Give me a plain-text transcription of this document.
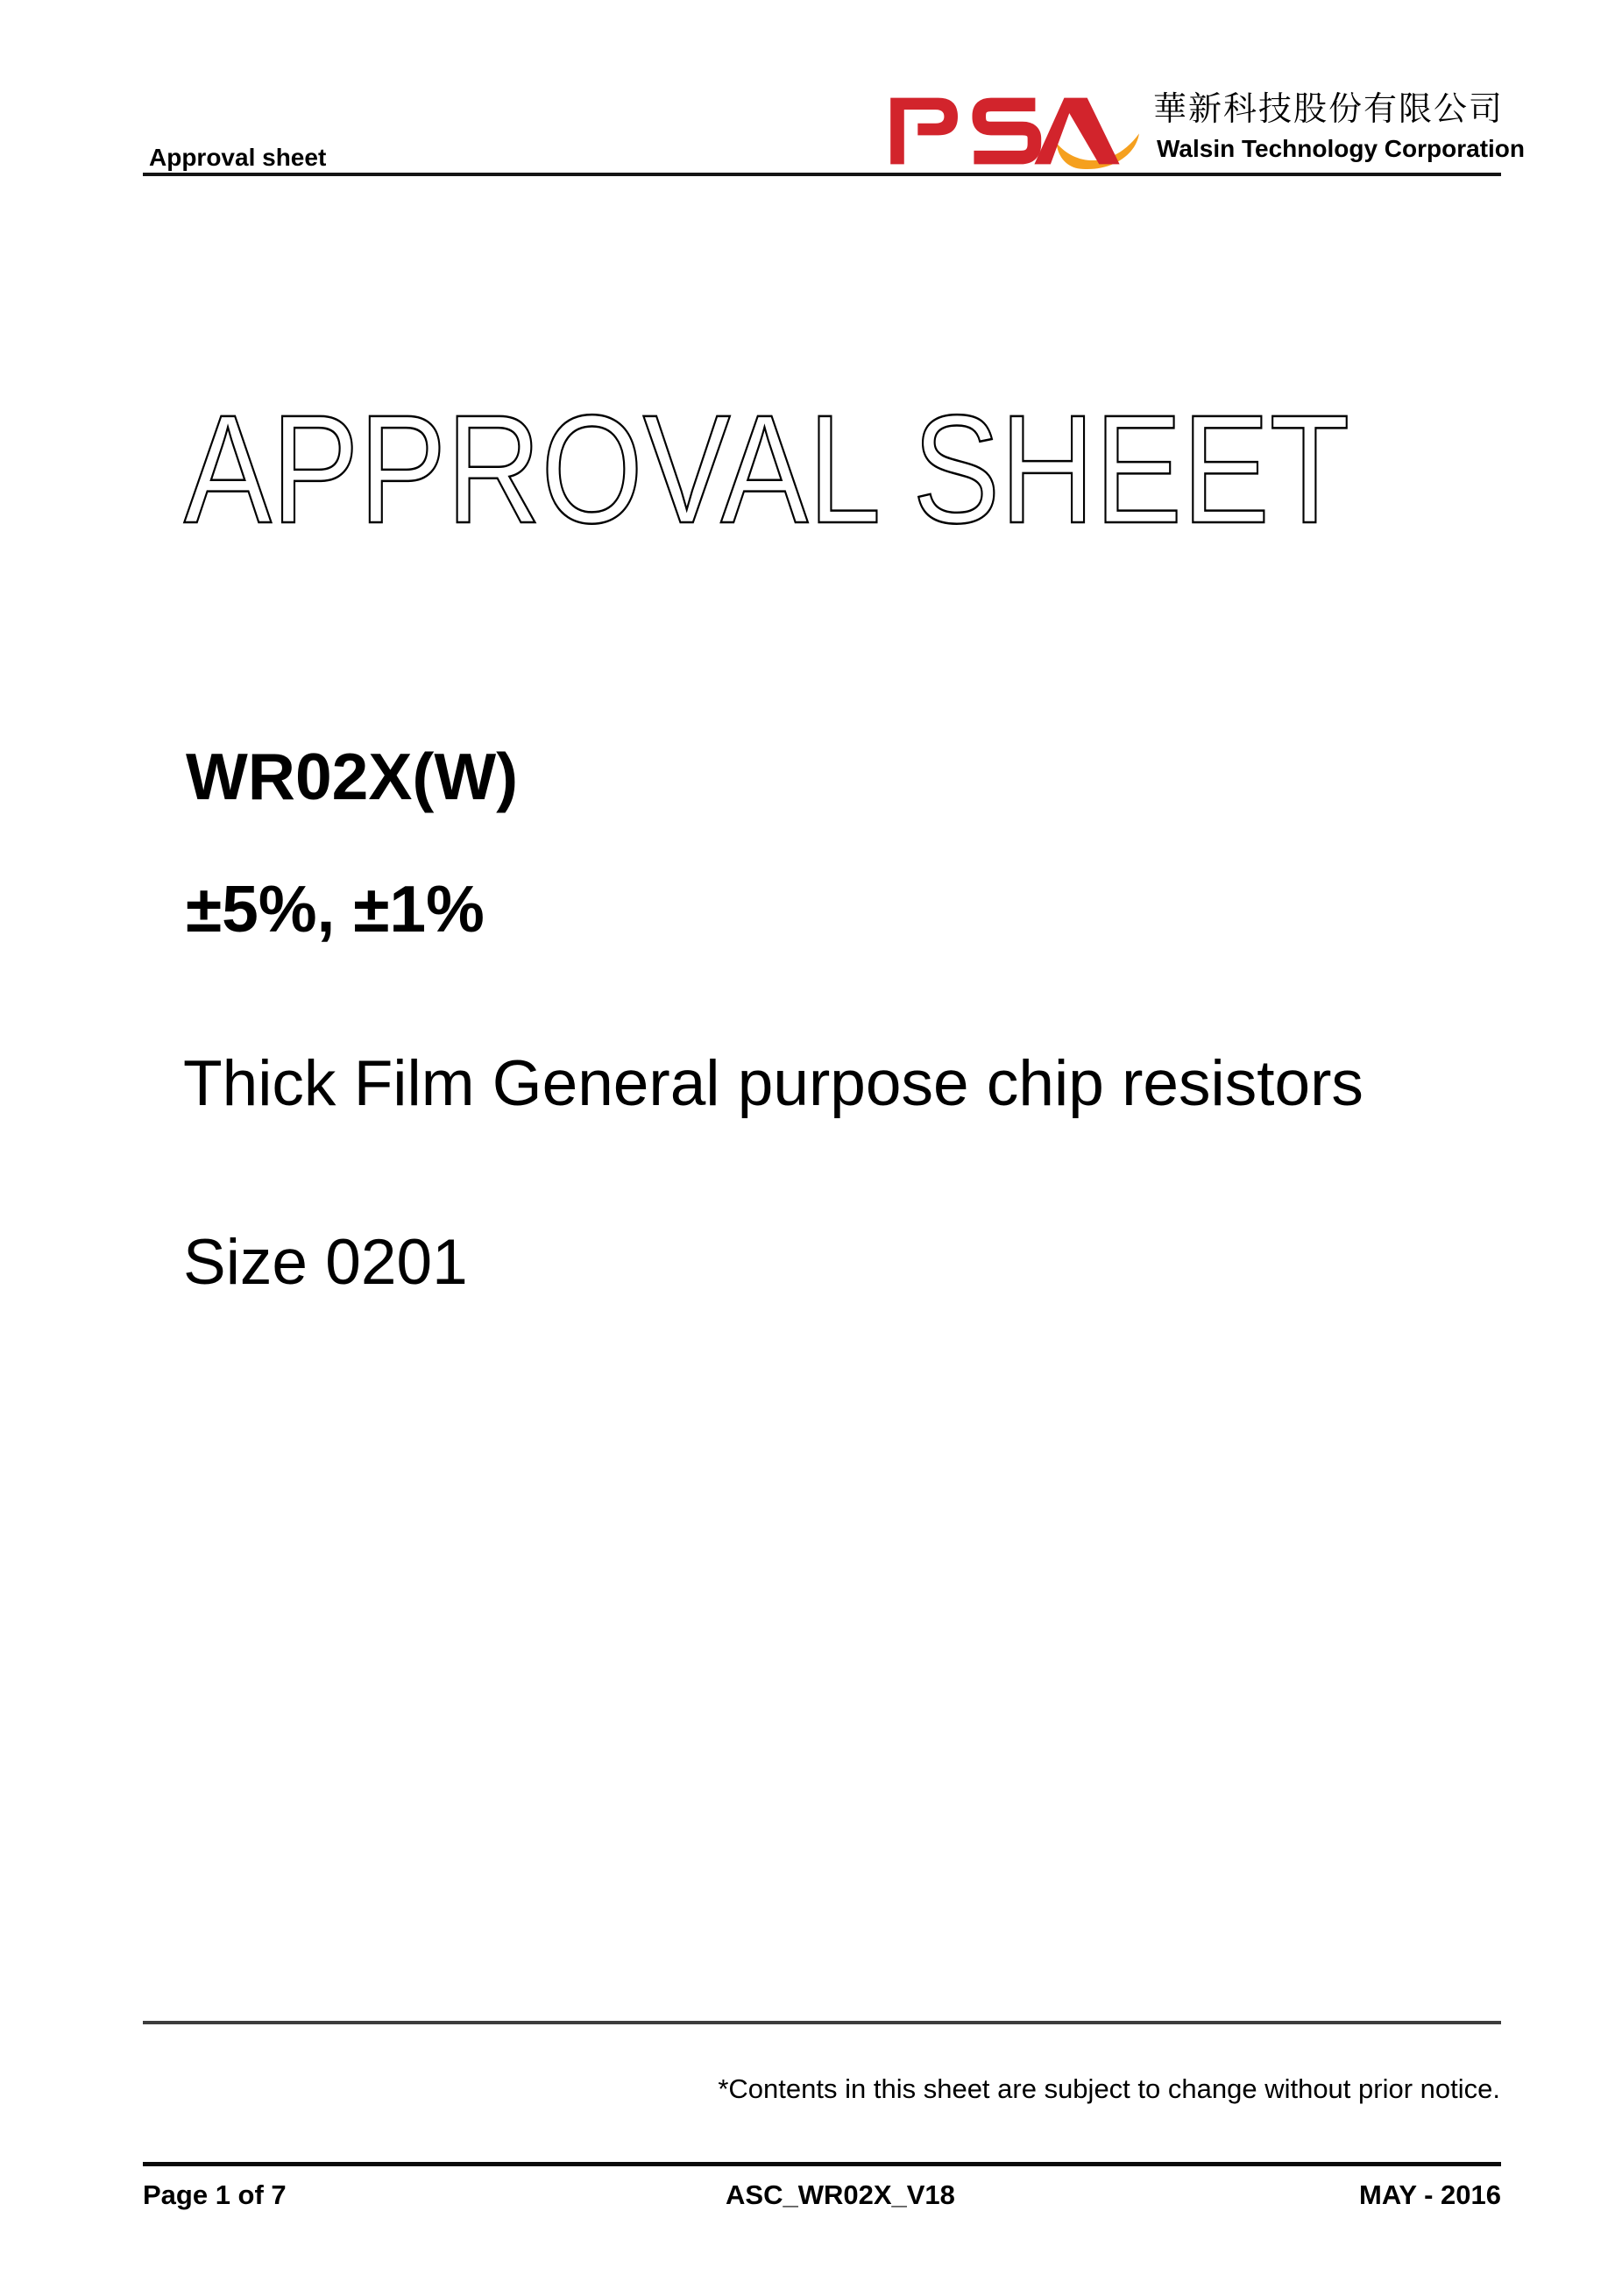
Approval sheet
華新科技股份有限公司
Walsin Technology Corporation
APPROVAL SHEET
WR02X(W)
±5%, ±1%
Thick Film General purpose chip resistors
Size 0201
*Contents in this sheet are subject to change without prior notice.
Page 1 of 7	ASC_WR02X_V18	MAY - 2016
